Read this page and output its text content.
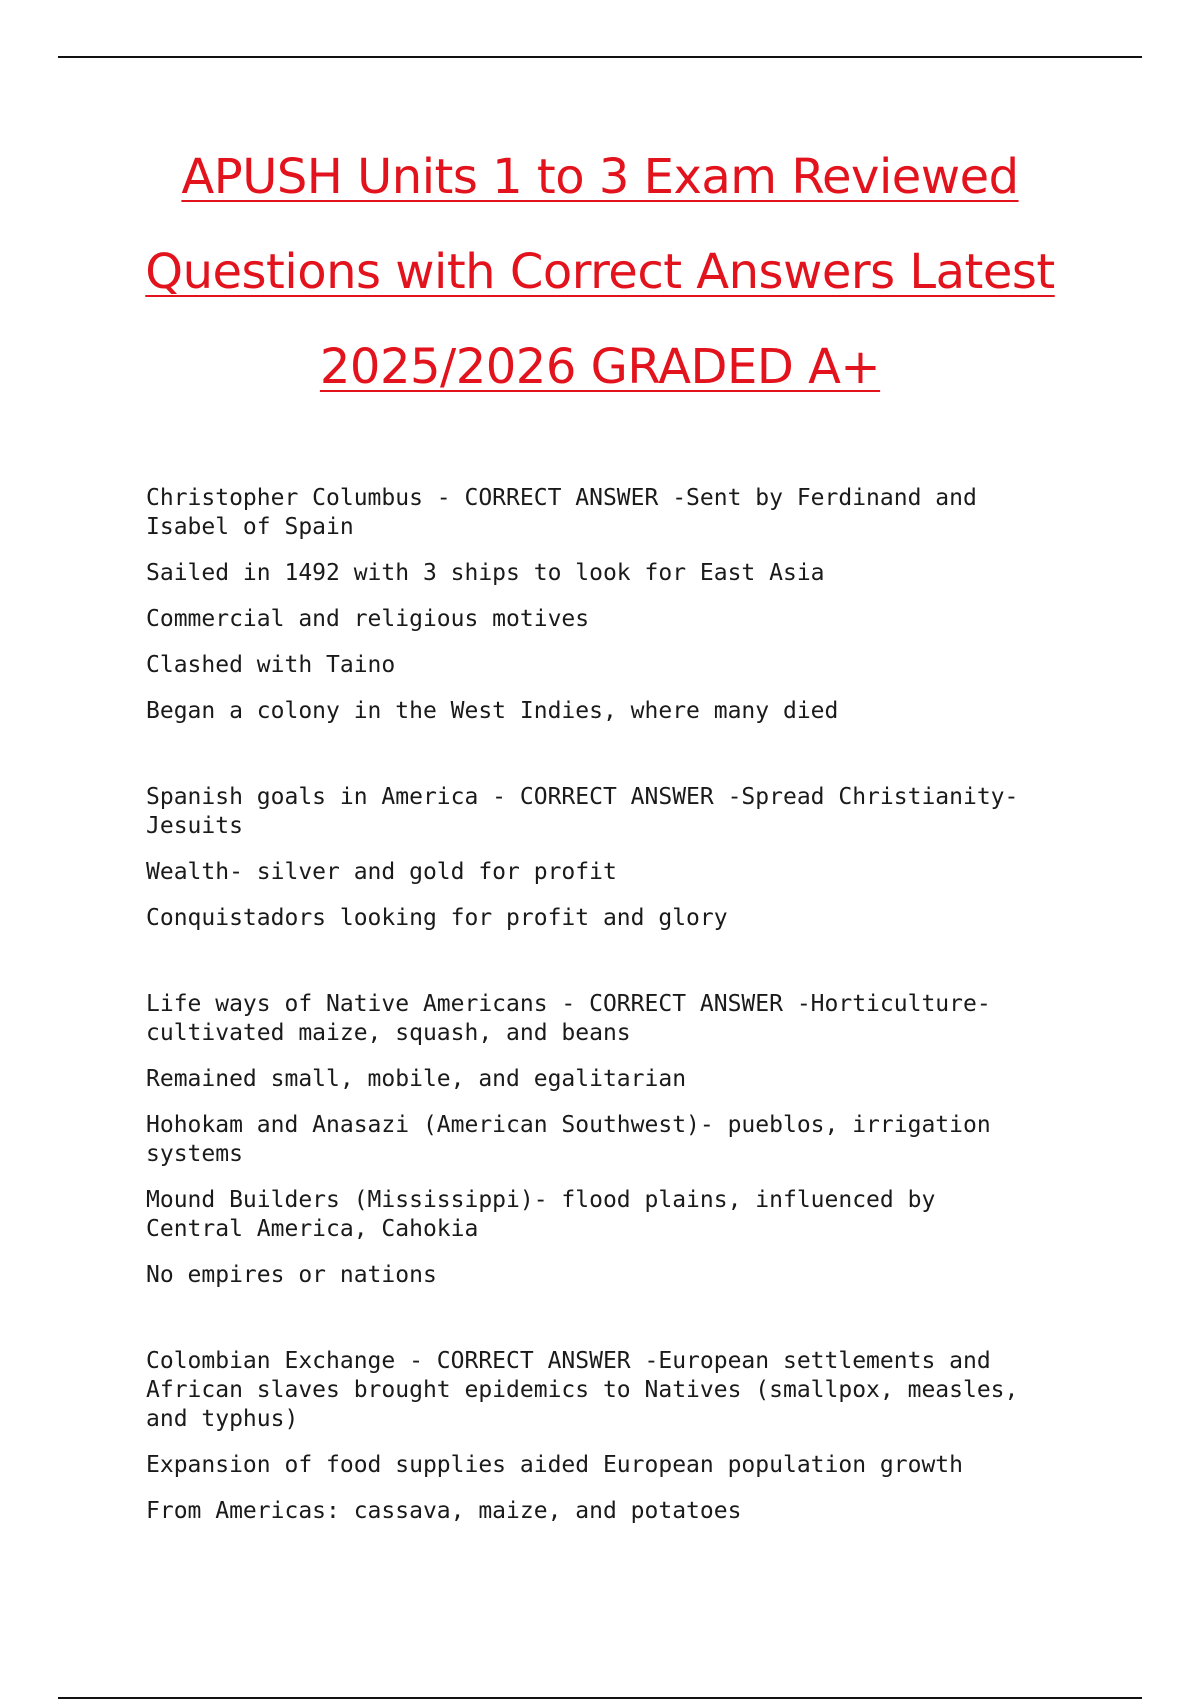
APUSH Units 1 to 3 Exam Reviewed
Questions with Correct Answers Latest
2025/2026 GRADED A+
Christopher Columbus - CORRECT ANSWER -Sent by Ferdinand and Isabel of Spain
Sailed in 1492 with 3 ships to look for East Asia
Commercial and religious motives
Clashed with Taino
Began a colony in the West Indies, where many died
Spanish goals in America - CORRECT ANSWER -Spread Christianity- Jesuits
Wealth- silver and gold for profit
Conquistadors looking for profit and glory
Life ways of Native Americans - CORRECT ANSWER -Horticulture- cultivated maize, squash, and beans
Remained small, mobile, and egalitarian
Hohokam and Anasazi (American Southwest)- pueblos, irrigation systems
Mound Builders (Mississippi)- flood plains, influenced by Central America, Cahokia
No empires or nations
Colombian Exchange - CORRECT ANSWER -European settlements and African slaves brought epidemics to Natives (smallpox, measles, and typhus)
Expansion of food supplies aided European population growth
From Americas: cassava, maize, and potatoes
